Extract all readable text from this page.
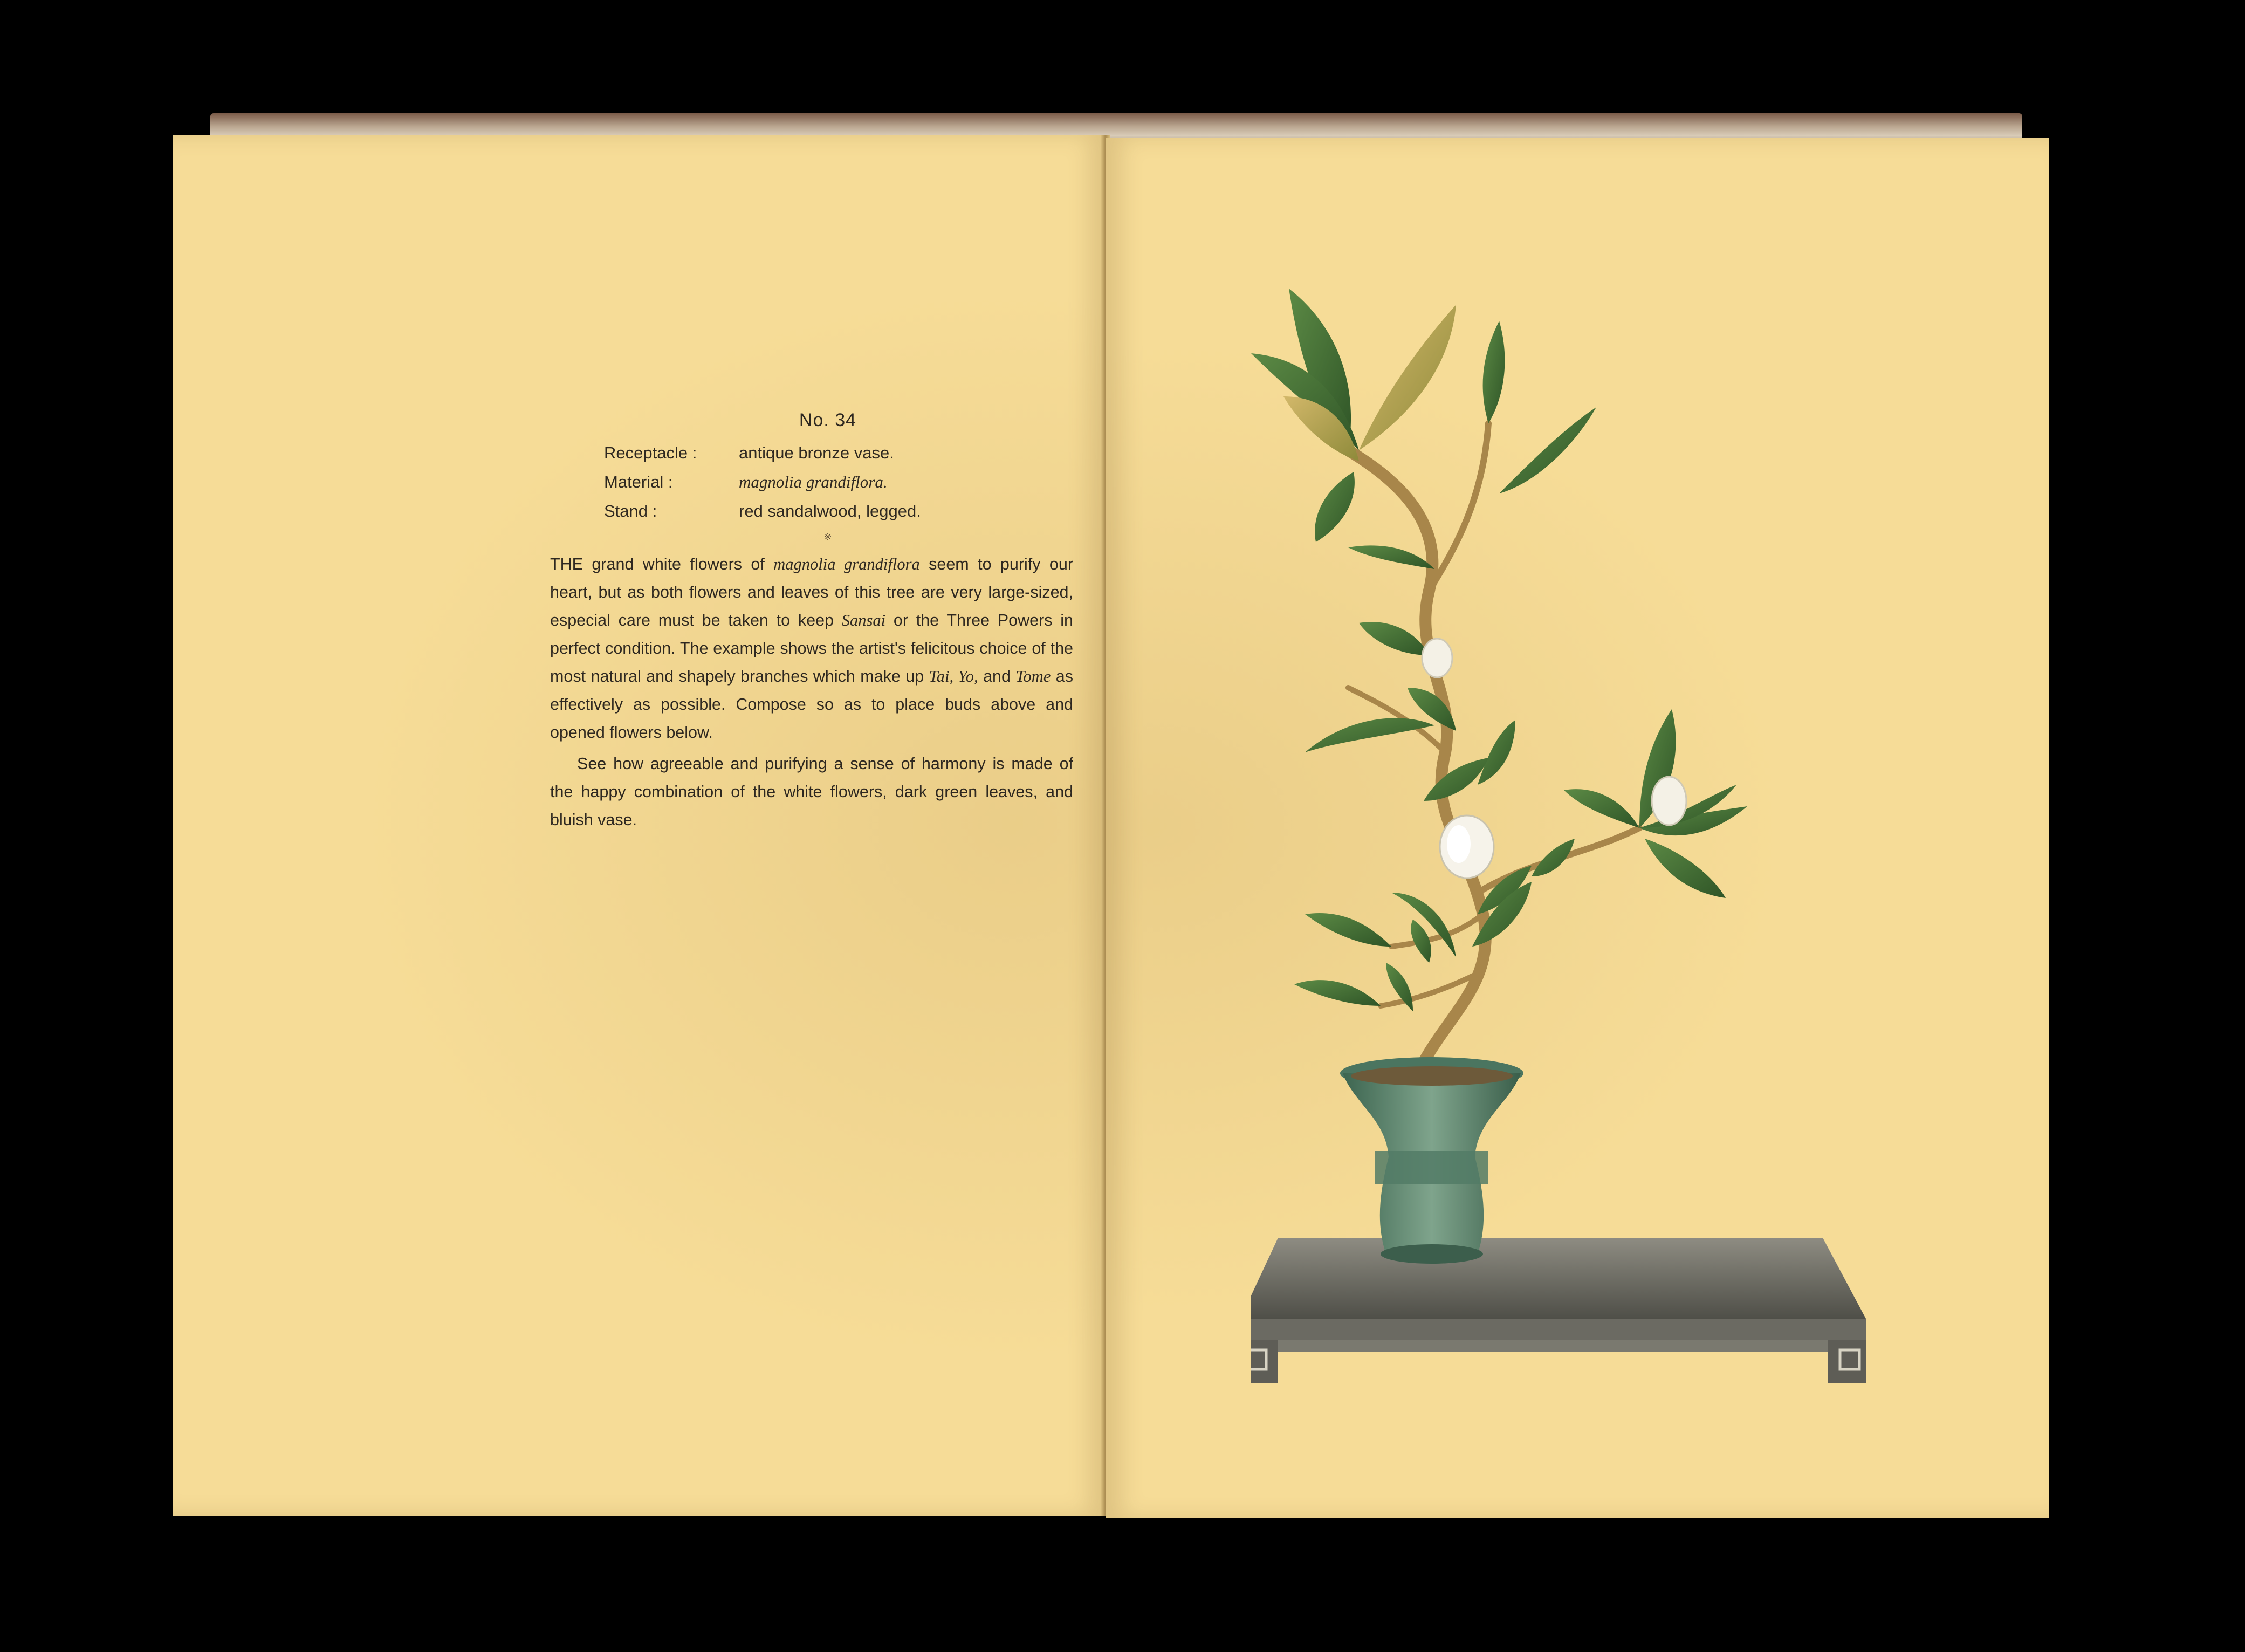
No. 34
Receptacle :	antique bronze vase.
Material :	magnolia grandiflora.
Stand :	red sandalwood, legged.
※

THE grand white flowers of magnolia grandiflora seem to purify our heart, but as both flowers and leaves of this tree are very large-sized, especial care must be taken to keep Sansai or the Three Powers in perfect condition. The example shows the artist's felicitous choice of the most natural and shapely branches which make up Tai, Yo, and Tome as effectively as possible. Compose so as to place buds above and opened flowers below.

See how agreeable and purifying a sense of harmony is made of the happy combination of the white flowers, dark green leaves, and bluish vase.
